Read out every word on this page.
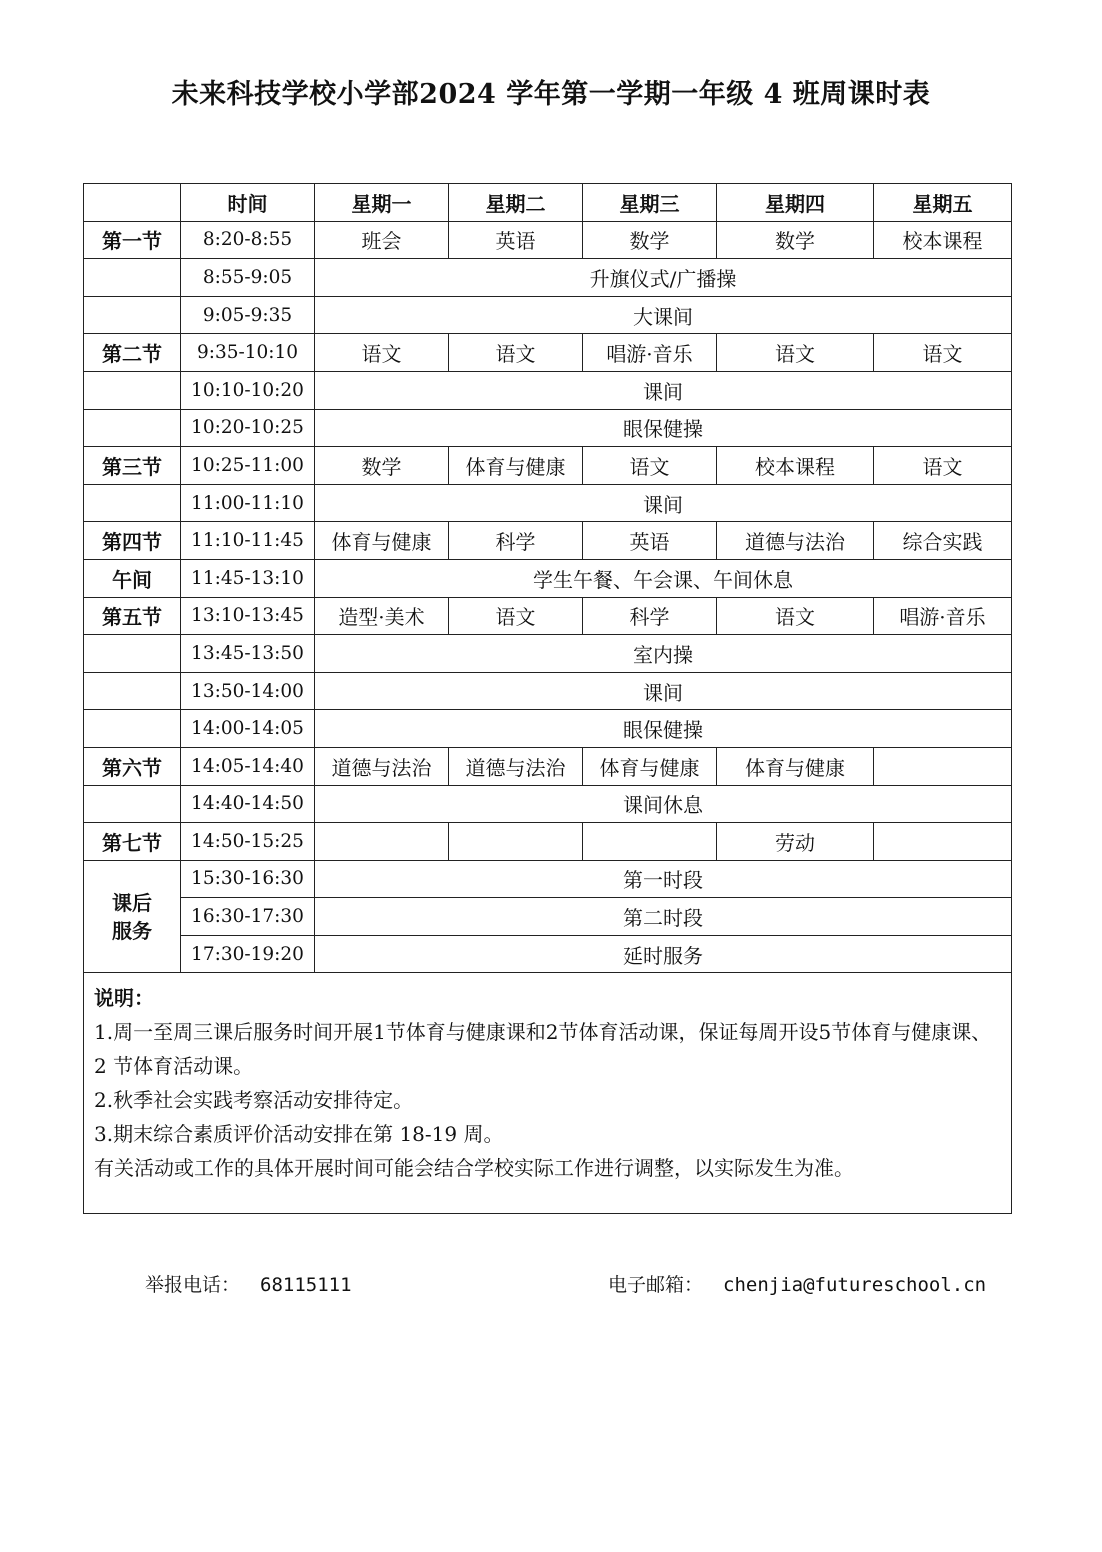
未来科技学校小学部2024 学年第一学期一年级 4 班周课时表
	时间	星期一	星期二	星期三	星期四	星期五
第一节	8:20-8:55	班会	英语	数学	数学	校本课程
	8:55-9:05	升旗仪式/广播操				
	9:05-9:35	大课间				
第二节	9:35-10:10	语文	语文	唱游·音乐	语文	语文
	10:10-10:20	课间				
	10:20-10:25	眼保健操				
第三节	10:25-11:00	数学	体育与健康	语文	校本课程	语文
	11:00-11:10	课间				
第四节	11:10-11:45	体育与健康	科学	英语	道德与法治	综合实践
午间	11:45-13:10	学生午餐、午会课、午间休息				
第五节	13:10-13:45	造型·美术	语文	科学	语文	唱游·音乐
	13:45-13:50	室内操				
	13:50-14:00	课间				
	14:00-14:05	眼保健操				
第六节	14:05-14:40	道德与法治	道德与法治	体育与健康	体育与健康	
	14:40-14:50	课间休息				
第七节	14:50-15:25				劳动	
课后
服务	15:30-16:30	第一时段				
	16:30-17:30	第二时段				
	17:30-19:20	延时服务				

说明：
1.周一至周三课后服务时间开展1节体育与健康课和2节体育活动课，保证每周开设5节体育与健康课、2 节体育活动课。
2.秋季社会实践考察活动安排待定。
3.期末综合素质评价活动安排在第 18-19 周。
有关活动或工作的具体开展时间可能会结合学校实际工作进行调整，以实际发生为准。						
举报电话： 68115111	电子邮箱： chenjia@futureschool.cn
